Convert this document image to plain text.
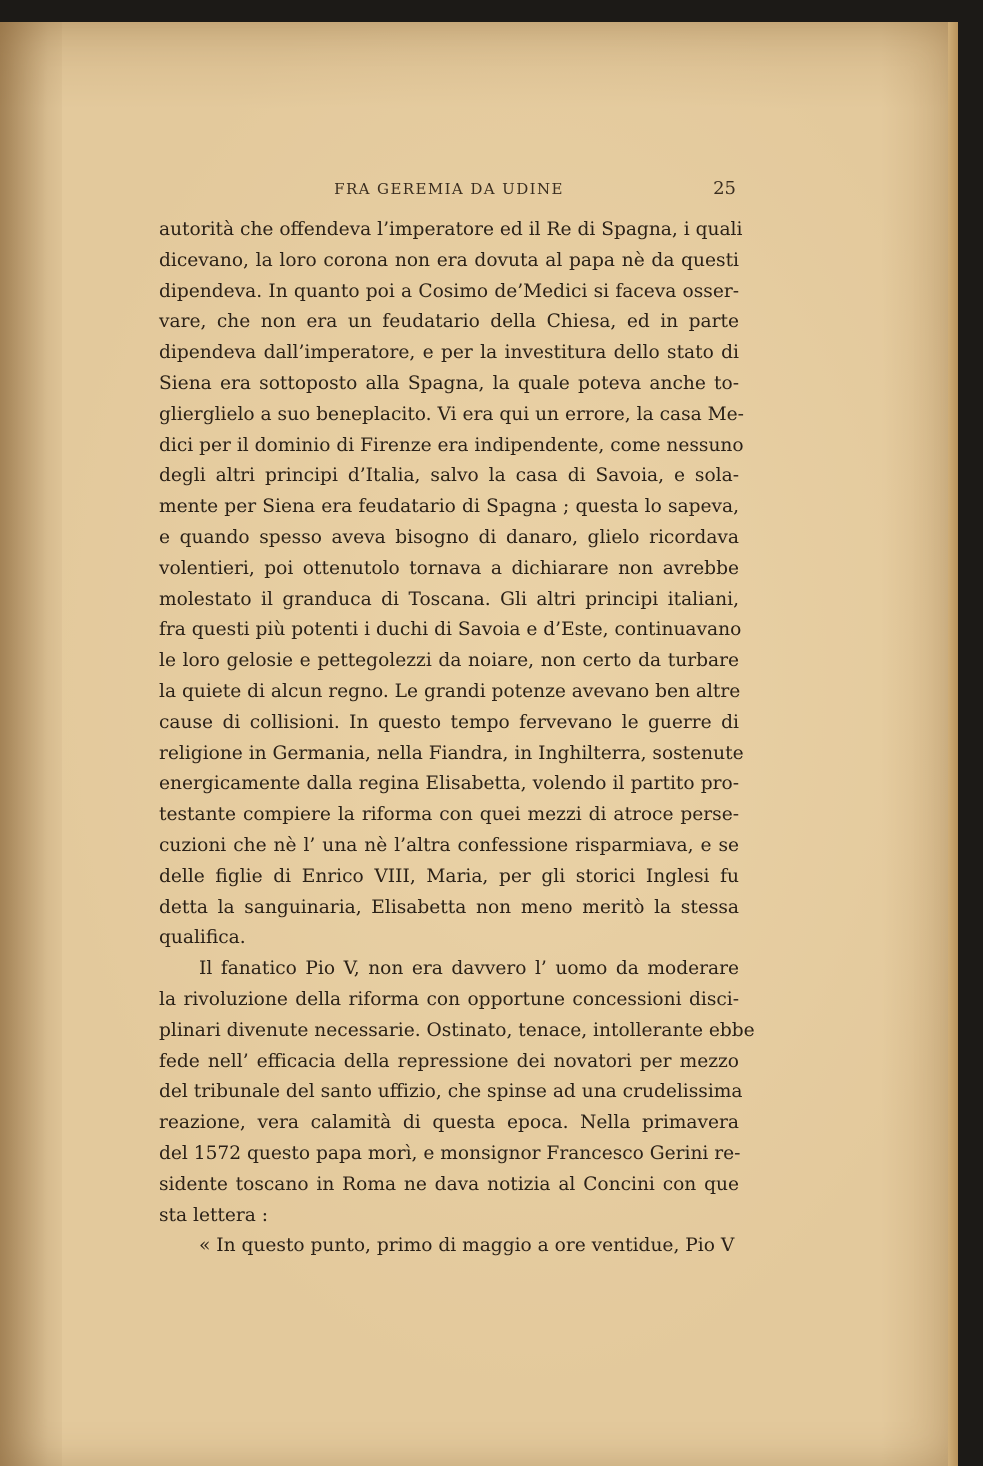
FRA GEREMIA DA UDINE	25
autorità che offendeva l’imperatore ed il Re di Spagna, i quali
dicevano, la loro corona non era dovuta al papa nè da questi
dipendeva. In quanto poi a Cosimo de’Medici si faceva osser-
vare, che non era un feudatario della Chiesa, ed in parte
dipendeva dall’imperatore, e per la investitura dello stato di
Siena era sottoposto alla Spagna, la quale poteva anche to-
glierglielo a suo beneplacito. Vi era qui un errore, la casa Me-
dici per il dominio di Firenze era indipendente, come nessuno
degli altri principi d’Italia, salvo la casa di Savoia, e sola-
mente per Siena era feudatario di Spagna ; questa lo sapeva,
e quando spesso aveva bisogno di danaro, glielo ricordava
volentieri, poi ottenutolo tornava a dichiarare non avrebbe
molestato il granduca di Toscana. Gli altri principi italiani,
fra questi più potenti i duchi di Savoia e d’Este, continuavano
le loro gelosie e pettegolezzi da noiare, non certo da turbare
la quiete di alcun regno. Le grandi potenze avevano ben altre
cause di collisioni. In questo tempo fervevano le guerre di
religione in Germania, nella Fiandra, in Inghilterra, sostenute
energicamente dalla regina Elisabetta, volendo il partito pro-
testante compiere la riforma con quei mezzi di atroce perse-
cuzioni che nè l’ una nè l’altra confessione risparmiava, e se
delle figlie di Enrico VIII, Maria, per gli storici Inglesi fu
detta la sanguinaria, Elisabetta non meno meritò la stessa
qualifica.
Il fanatico Pio V, non era davvero l’ uomo da moderare
la rivoluzione della riforma con opportune concessioni disci-
plinari divenute necessarie. Ostinato, tenace, intollerante ebbe
fede nell’ efficacia della repressione dei novatori per mezzo
del tribunale del santo uffizio, che spinse ad una crudelissima
reazione, vera calamità di questa epoca. Nella primavera
del 1572 questo papa morì, e monsignor Francesco Gerini re-
sidente toscano in Roma ne dava notizia al Concini con que
sta lettera :
« In questo punto, primo di maggio a ore ventidue, Pio V
